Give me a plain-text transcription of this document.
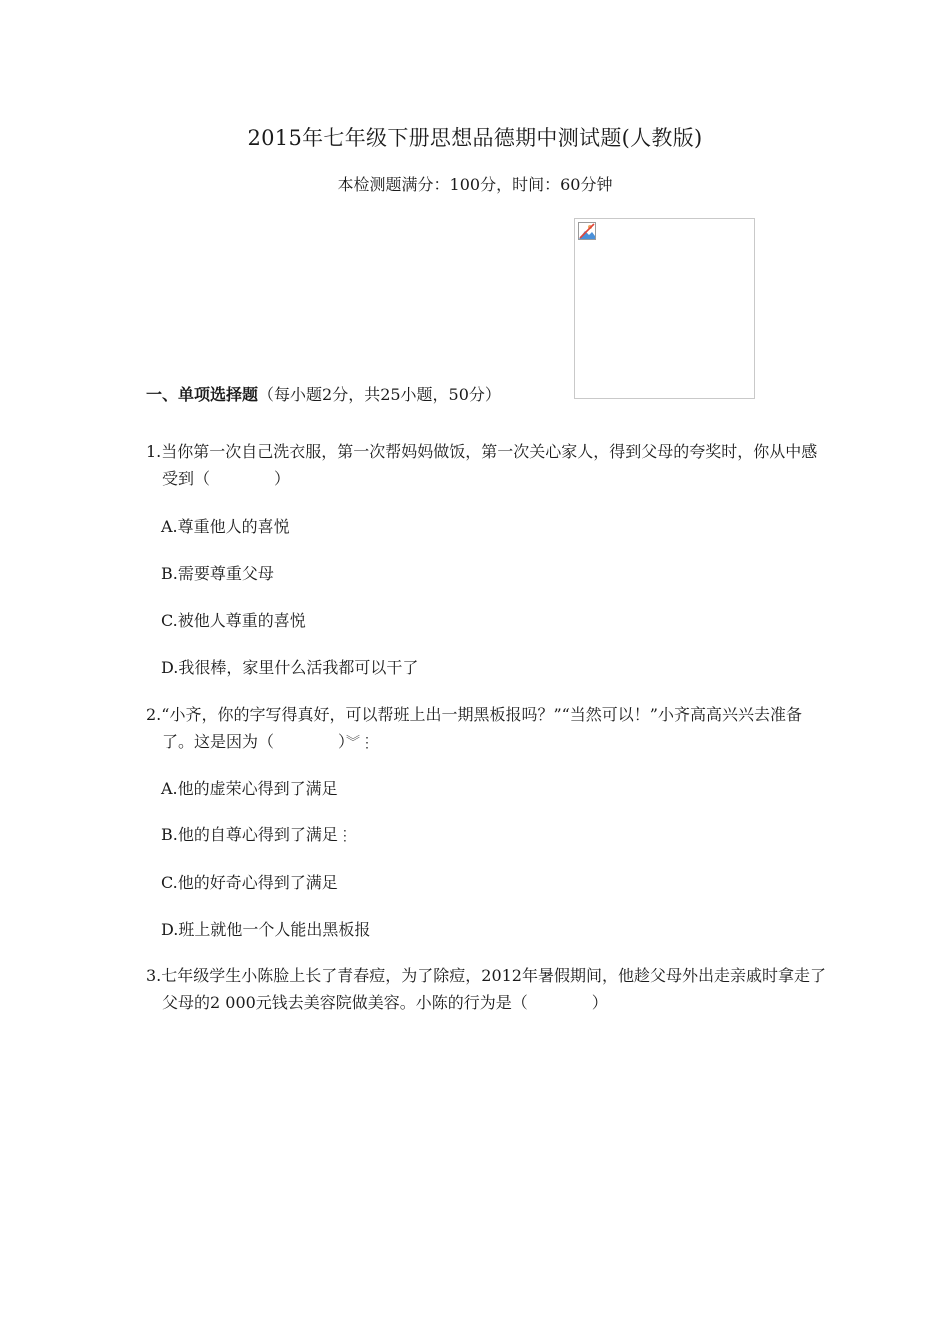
2015年七年级下册思想品德期中测试题(人教版)
本检测题满分：100分，时间：60分钟
一、单项选择题（每小题2分，共25小题，50分）
1.当你第一次自己洗衣服，第一次帮妈妈做饭，第一次关心家人，得到父母的夸奖时，你从中感受到（　　　　）
A.尊重他人的喜悦
B.需要尊重父母
C.被他人尊重的喜悦
D.我很棒，家里什么活我都可以干了
2.“小齐，你的字写得真好，可以帮班上出一期黑板报吗？”“当然可以！”小齐高高兴兴去准备了。这是因为（　　　　）︾⋮
A.他的虚荣心得到了满足
B.他的自尊心得到了满足⋮
C.他的好奇心得到了满足
D.班上就他一个人能出黑板报
3.七年级学生小陈脸上长了青春痘，为了除痘，2012年暑假期间，他趁父母外出走亲戚时拿走了父母的2 000元钱去美容院做美容。小陈的行为是（　　　　）
